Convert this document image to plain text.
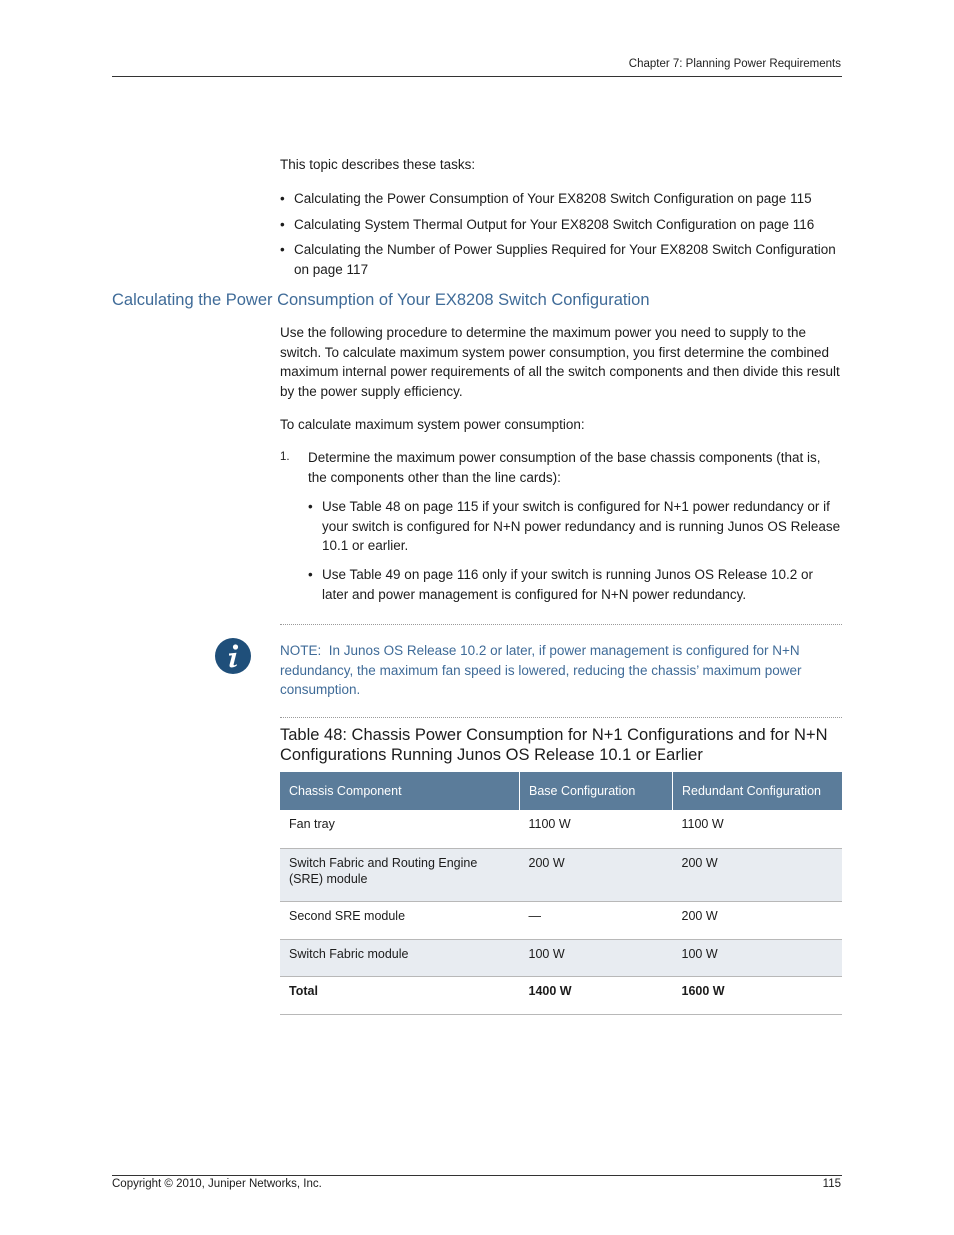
Chapter 7: Planning Power Requirements
This topic describes these tasks:
• Calculating the Power Consumption of Your EX8208 Switch Configuration on page 115
• Calculating System Thermal Output for Your EX8208 Switch Configuration on page 116
• Calculating the Number of Power Supplies Required for Your EX8208 Switch Configuration on page 117
Calculating the Power Consumption of Your EX8208 Switch Configuration
Use the following procedure to determine the maximum power you need to supply to the switch. To calculate maximum system power consumption, you first determine the combined maximum internal power requirements of all the switch components and then divide this result by the power supply efficiency.
To calculate maximum system power consumption:
1. Determine the maximum power consumption of the base chassis components (that is, the components other than the line cards):
• Use Table 48 on page 115 if your switch is configured for N+1 power redundancy or if your switch is configured for N+N power redundancy and is running Junos OS Release 10.1 or earlier.
• Use Table 49 on page 116 only if your switch is running Junos OS Release 10.2 or later and power management is configured for N+N power redundancy.
NOTE: In Junos OS Release 10.2 or later, if power management is configured for N+N redundancy, the maximum fan speed is lowered, reducing the chassis’ maximum power consumption.
Table 48: Chassis Power Consumption for N+1 Configurations and for N+N Configurations Running Junos OS Release 10.1 or Earlier
Chassis Component	Base Configuration	Redundant Configuration
Fan tray	1100 W	1100 W
Switch Fabric and Routing Engine (SRE) module	200 W	200 W
Second SRE module	—	200 W
Switch Fabric module	100 W	100 W
Total	1400 W	1600 W
Copyright © 2010, Juniper Networks, Inc.	115
